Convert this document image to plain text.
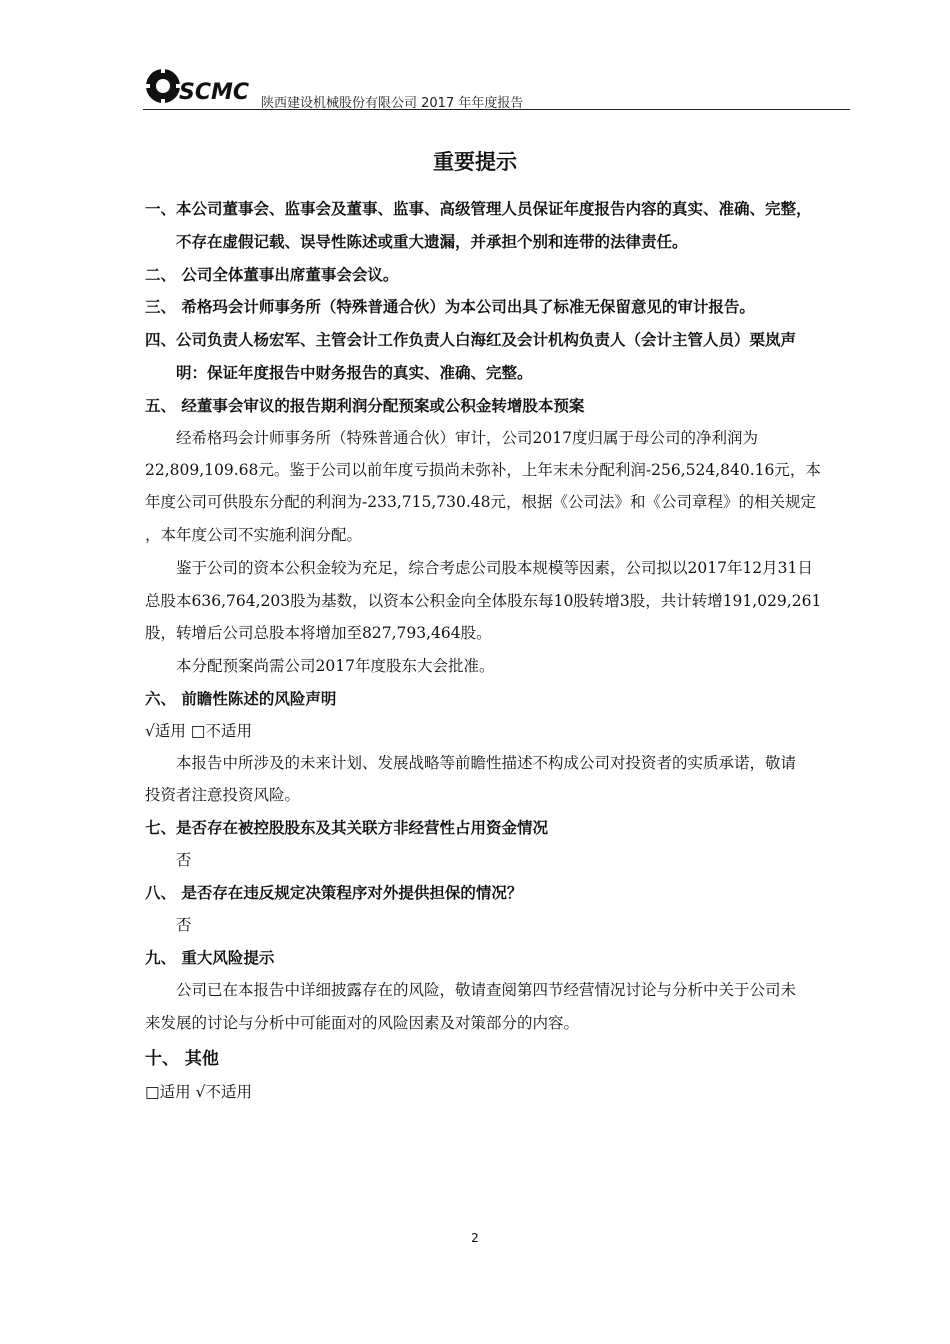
SCMC 陕西建设机械股份有限公司 2017 年年度报告
重要提示
一、本公司董事会、监事会及董事、监事、高级管理人员保证年度报告内容的真实、准确、完整，
不存在虚假记载、误导性陈述或重大遗漏，并承担个别和连带的法律责任。
二、 公司全体董事出席董事会会议。
三、 希格玛会计师事务所（特殊普通合伙）为本公司出具了标准无保留意见的审计报告。
四、公司负责人杨宏军、主管会计工作负责人白海红及会计机构负责人（会计主管人员）栗岚声
明：保证年度报告中财务报告的真实、准确、完整。
五、 经董事会审议的报告期利润分配预案或公积金转增股本预案
经希格玛会计师事务所（特殊普通合伙）审计，公司2017度归属于母公司的净利润为
22,809,109.68元。鉴于公司以前年度亏损尚未弥补，上年末未分配利润-256,524,840.16元，本
年度公司可供股东分配的利润为-233,715,730.48元，根据《公司法》和《公司章程》的相关规定
，本年度公司不实施利润分配。
鉴于公司的资本公积金较为充足，综合考虑公司股本规模等因素，公司拟以2017年12月31日
总股本636,764,203股为基数，以资本公积金向全体股东每10股转增3股，共计转增191,029,261
股，转增后公司总股本将增加至827,793,464股。
本分配预案尚需公司2017年度股东大会批准。
六、 前瞻性陈述的风险声明
√适用 □不适用
本报告中所涉及的未来计划、发展战略等前瞻性描述不构成公司对投资者的实质承诺，敬请
投资者注意投资风险。
七、是否存在被控股股东及其关联方非经营性占用资金情况
否
八、 是否存在违反规定决策程序对外提供担保的情况？
否
九、 重大风险提示
公司已在本报告中详细披露存在的风险，敬请查阅第四节经营情况讨论与分析中关于公司未
来发展的讨论与分析中可能面对的风险因素及对策部分的内容。
十、 其他
□适用 √不适用
2
